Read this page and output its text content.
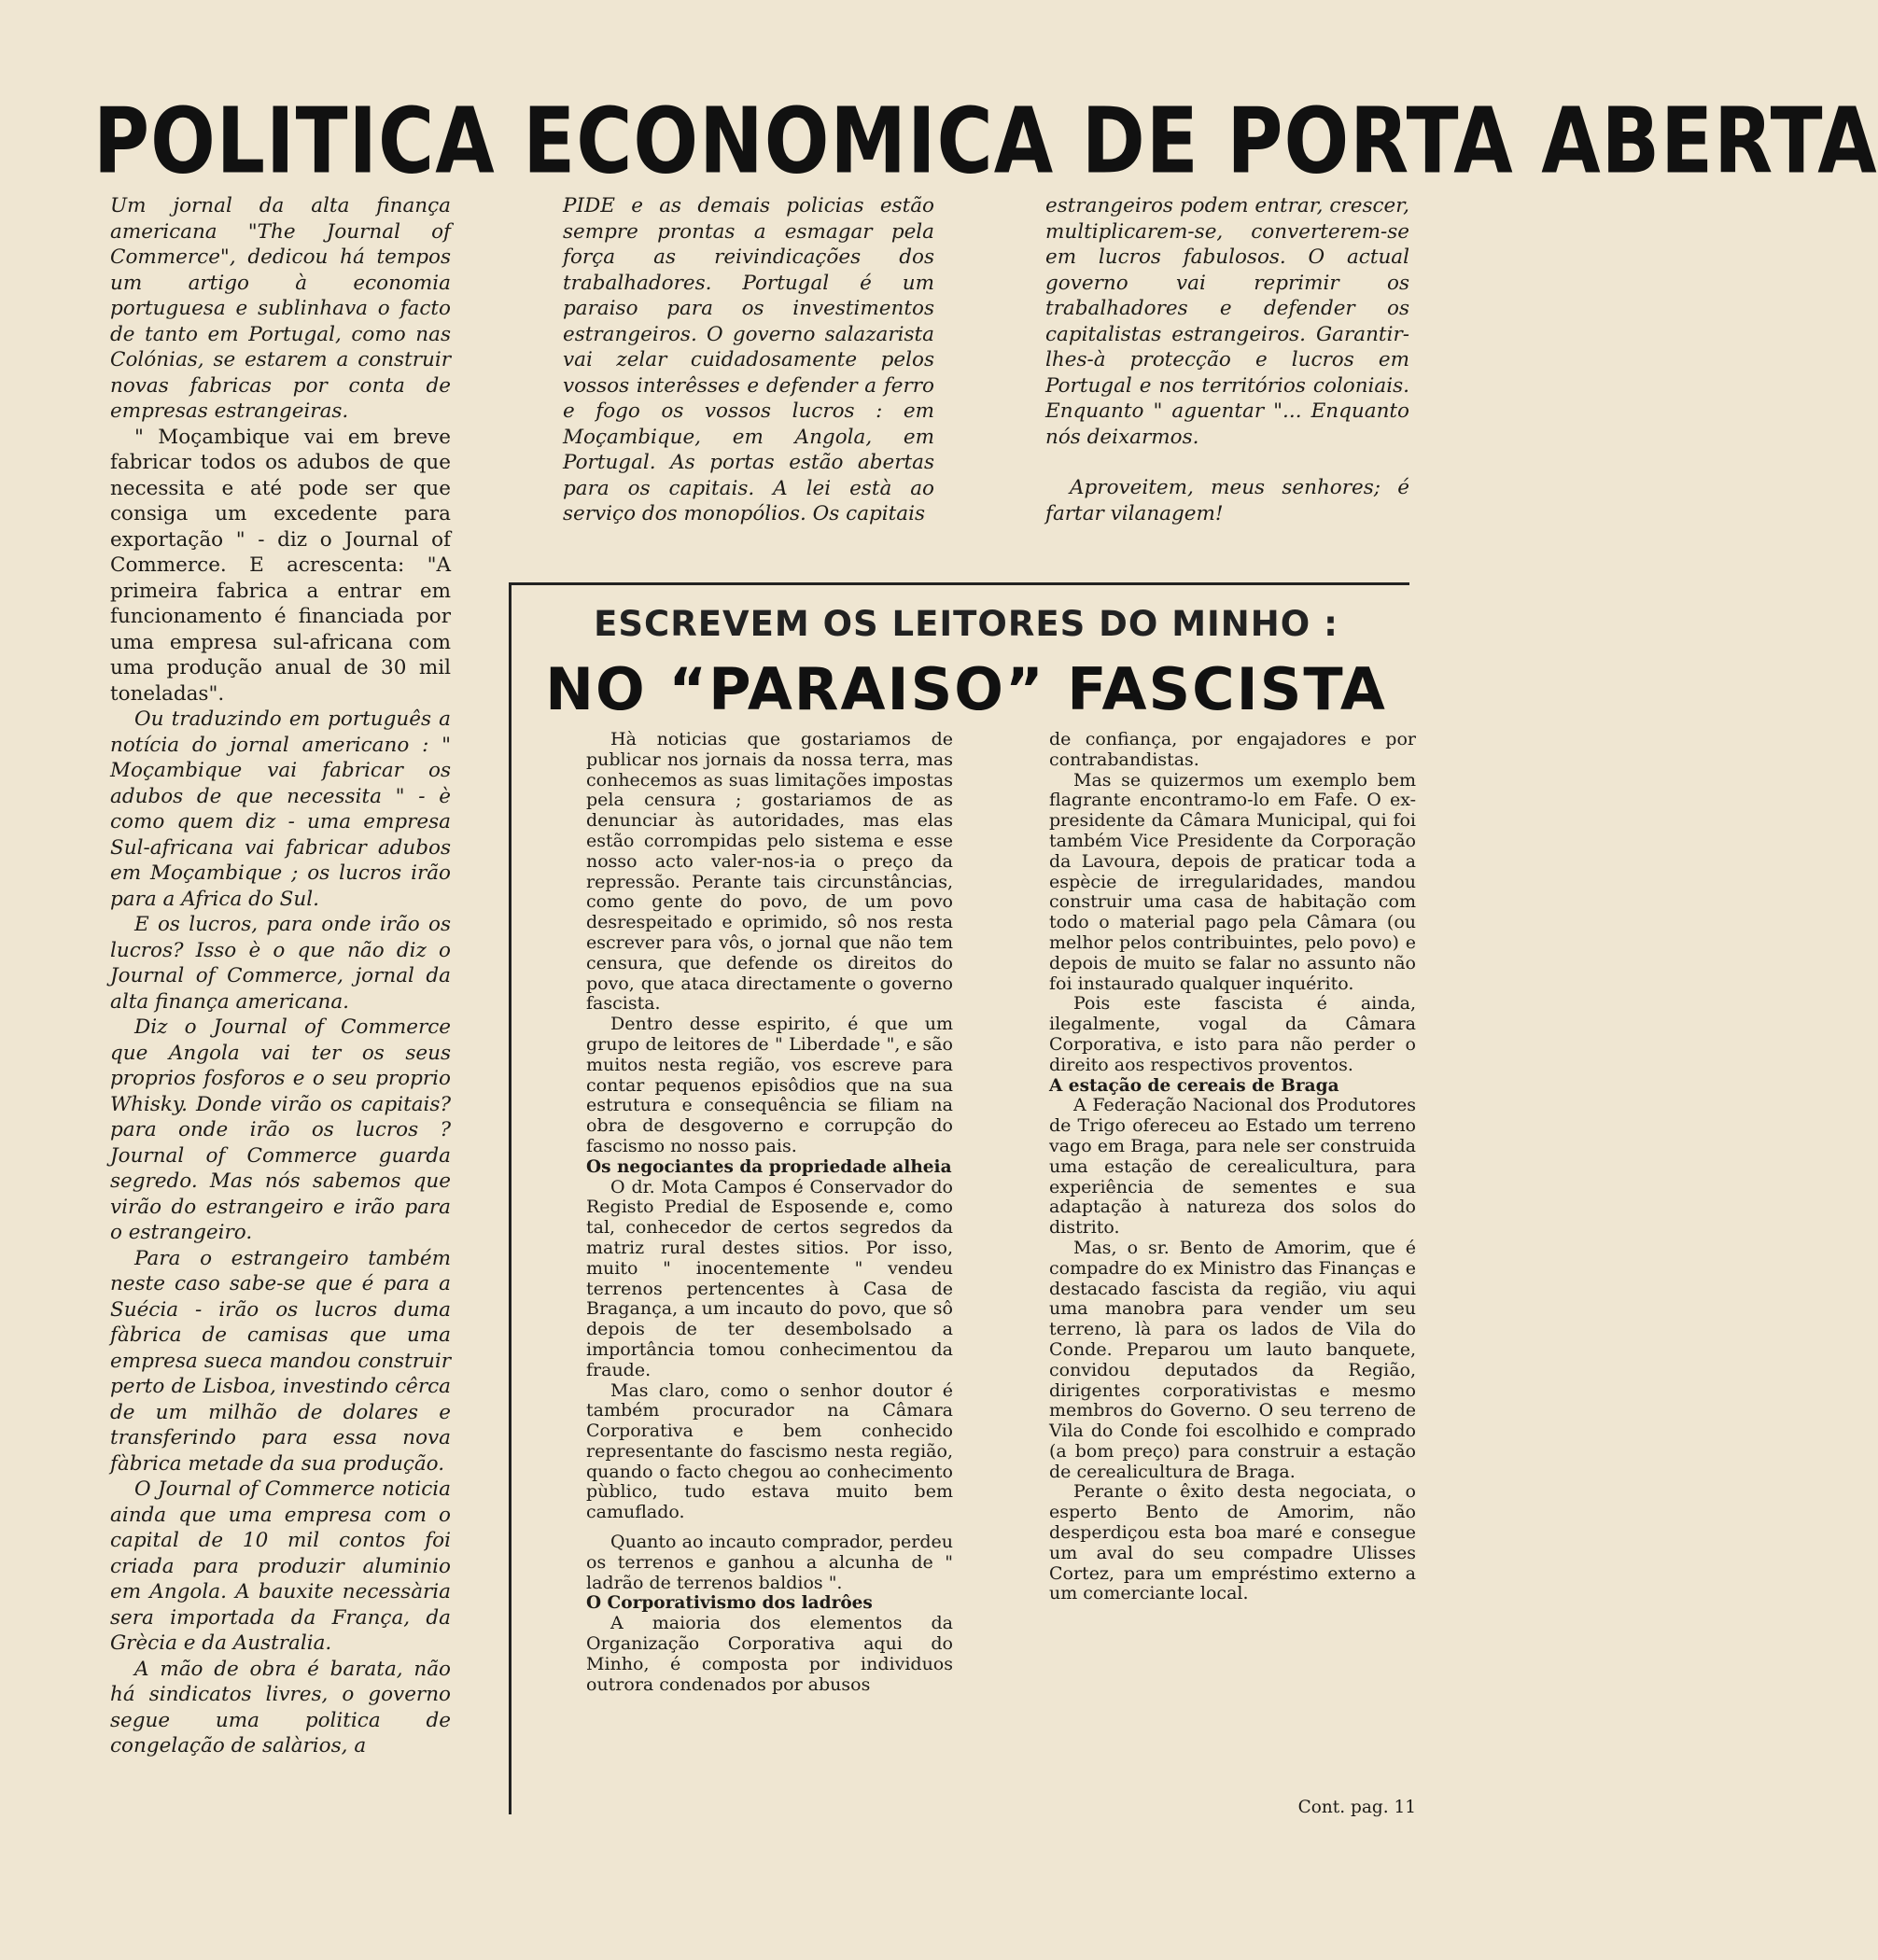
POLITICA ECONOMICA DE PORTA ABERTA

Um jornal da alta finança americana "The Journal of Commerce", dedicou há tempos um artigo à economia portuguesa e sublinhava o facto de tanto em Portugal, como nas Colónias, se estarem a construir novas fabricas por conta de empresas estrangeiras.

" Moçambique vai em breve fabricar todos os adubos de que necessita e até pode ser que consiga um excedente para exportação " - diz o Journal of Commerce. E acrescenta: "A primeira fabrica a entrar em funcionamento é financiada por uma empresa sul-africana com uma produção anual de 30 mil toneladas".

Ou traduzindo em português a notícia do jornal americano : " Moçambique vai fabricar os adubos de que necessita " - è como quem diz - uma empresa Sul-africana vai fabricar adubos em Moçambique ; os lucros irão para a Africa do Sul.

E os lucros, para onde irão os lucros? Isso è o que não diz o Journal of Commerce, jornal da alta finança americana.

Diz o Journal of Commerce que Angola vai ter os seus proprios fosforos e o seu proprio Whisky. Donde virão os capitais? para onde irão os lucros ? Journal of Commerce guarda segredo. Mas nós sabemos que virão do estrangeiro e irão para o estrangeiro.

Para o estrangeiro também neste caso sabe-se que é para a Suécia - irão os lucros duma fàbrica de camisas que uma empresa sueca mandou construir perto de Lisboa, investindo cêrca de um milhão de dolares e transferindo para essa nova fàbrica metade da sua produção.

O Journal of Commerce noticia ainda que uma empresa com o capital de 10 mil contos foi criada para produzir aluminio em Angola. A bauxite necessària sera importada da França, da Grècia e da Australia.

A mão de obra é barata, não há sindicatos livres, o governo segue uma politica de congelação de salàrios, a

PIDE e as demais policias estão sempre prontas a esmagar pela força as reivindicações dos trabalhadores. Portugal é um paraiso para os investimentos estrangeiros. O governo salazarista vai zelar cuidadosamente pelos vossos interêsses e defender a ferro e fogo os vossos lucros : em Moçambique, em Angola, em Portugal. As portas estão abertas para os capitais. A lei està ao serviço dos monopólios. Os capitais

estrangeiros podem entrar, crescer, multiplicarem-se, converterem-se em lucros fabulosos. O actual governo vai reprimir os trabalhadores e defender os capitalistas estrangeiros. Garantir-lhes-à protecção e lucros em Portugal e nos territórios coloniais. Enquanto " aguentar "... Enquanto nós deixarmos.

Aproveitem, meus senhores; é fartar vilanagem!

ESCREVEM OS LEITORES DO MINHO :
NO “PARAISO” FASCISTA

Hà noticias que gostariamos de publicar nos jornais da nossa terra, mas conhecemos as suas limitações impostas pela censura ; gostariamos de as denunciar às autoridades, mas elas estão corrompidas pelo sistema e esse nosso acto valer-nos-ia o preço da repressão. Perante tais circunstâncias, como gente do povo, de um povo desrespeitado e oprimido, sô nos resta escrever para vôs, o jornal que não tem censura, que defende os direitos do povo, que ataca directamente o governo fascista.

Dentro desse espirito, é que um grupo de leitores de " Liberdade ", e são muitos nesta região, vos escreve para contar pequenos episôdios que na sua estrutura e consequência se filiam na obra de desgoverno e corrupção do fascismo no nosso pais.

Os negociantes da propriedade alheia

O dr. Mota Campos é Conservador do Registo Predial de Esposende e, como tal, conhecedor de certos segredos da matriz rural destes sitios. Por isso, muito " inocentemente " vendeu terrenos pertencentes à Casa de Bragança, a um incauto do povo, que sô depois de ter desembolsado a importância tomou conhecimentou da fraude.

Mas claro, como o senhor doutor é também procurador na Câmara Corporativa e bem conhecido representante do fascismo nesta região, quando o facto chegou ao conhecimento pùblico, tudo estava muito bem camuflado.

Quanto ao incauto comprador, perdeu os terrenos e ganhou a alcunha de " ladrão de terrenos baldios ".

O Corporativismo dos ladrôes

A maioria dos elementos da Organização Corporativa aqui do Minho, é composta por individuos outrora condenados por abusos

de confiança, por engajadores e por contrabandistas.

Mas se quizermos um exemplo bem flagrante encontramo-lo em Fafe. O ex-presidente da Câmara Municipal, qui foi também Vice Presidente da Corporação da Lavoura, depois de praticar toda a espècie de irregularidades, mandou construir uma casa de habitação com todo o material pago pela Câmara (ou melhor pelos contribuintes, pelo povo) e depois de muito se falar no assunto não foi instaurado qualquer inquérito.

Pois este fascista é ainda, ilegalmente, vogal da Câmara Corporativa, e isto para não perder o direito aos respectivos proventos.

A estação de cereais de Braga

A Federação Nacional dos Produtores de Trigo ofereceu ao Estado um terreno vago em Braga, para nele ser construida uma estação de cerealicultura, para experiência de sementes e sua adaptação à natureza dos solos do distrito.

Mas, o sr. Bento de Amorim, que é compadre do ex Ministro das Finanças e destacado fascista da região, viu aqui uma manobra para vender um seu terreno, là para os lados de Vila do Conde. Preparou um lauto banquete, convidou deputados da Região, dirigentes corporativistas e mesmo membros do Governo. O seu terreno de Vila do Conde foi escolhido e comprado (a bom preço) para construir a estação de cerealicultura de Braga.

Perante o êxito desta negociata, o esperto Bento de Amorim, não desperdiçou esta boa maré e consegue um aval do seu compadre Ulisses Cortez, para um empréstimo externo a um comerciante local.

Cont. pag. 11
